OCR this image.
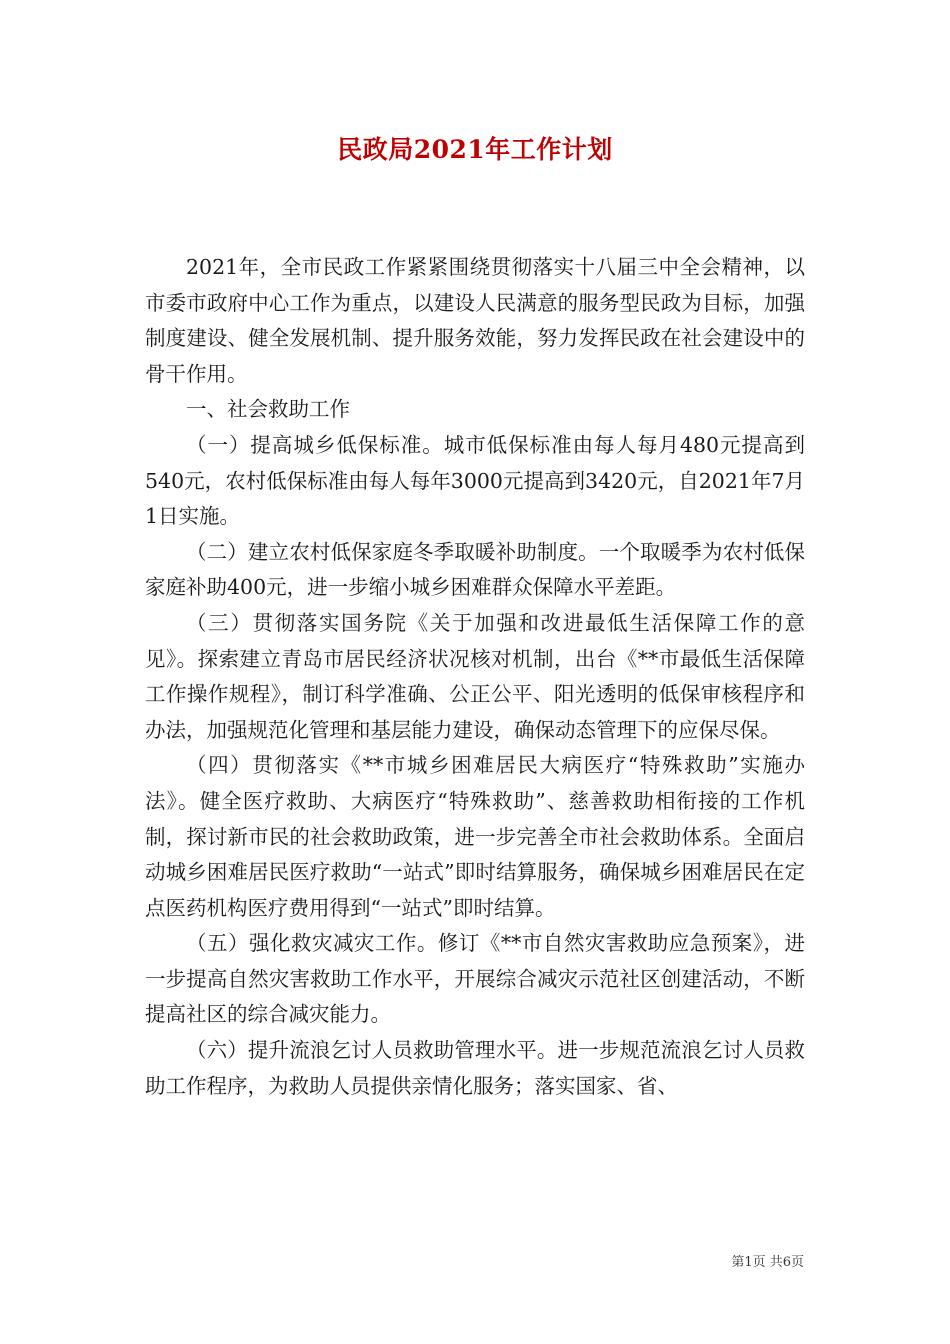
民政局2021年工作计划

2021年，全市民政工作紧紧围绕贯彻落实十八届三中全会精神，以市委市政府中心工作为重点，以建设人民满意的服务型民政为目标，加强制度建设、健全发展机制、提升服务效能，努力发挥民政在社会建设中的骨干作用。

一、社会救助工作

（一）提高城乡低保标准。城市低保标准由每人每月480元提高到540元，农村低保标准由每人每年3000元提高到3420元，自2021年7月1日实施。

（二）建立农村低保家庭冬季取暖补助制度。一个取暖季为农村低保家庭补助400元，进一步缩小城乡困难群众保障水平差距。

（三）贯彻落实国务院《关于加强和改进最低生活保障工作的意见》。探索建立青岛市居民经济状况核对机制，出台《**市最低生活保障工作操作规程》，制订科学准确、公正公平、阳光透明的低保审核程序和办法，加强规范化管理和基层能力建设，确保动态管理下的应保尽保。

（四）贯彻落实《**市城乡困难居民大病医疗“特殊救助”实施办法》。健全医疗救助、大病医疗“特殊救助”、慈善救助相衔接的工作机制，探讨新市民的社会救助政策，进一步完善全市社会救助体系。全面启动城乡困难居民医疗救助“一站式”即时结算服务，确保城乡困难居民在定点医药机构医疗费用得到“一站式”即时结算。

（五）强化救灾减灾工作。修订《**市自然灾害救助应急预案》，进一步提高自然灾害救助工作水平，开展综合减灾示范社区创建活动，不断提高社区的综合减灾能力。

（六）提升流浪乞讨人员救助管理水平。进一步规范流浪乞讨人员救助工作程序，为救助人员提供亲情化服务；落实国家、省、

第1页 共6页
